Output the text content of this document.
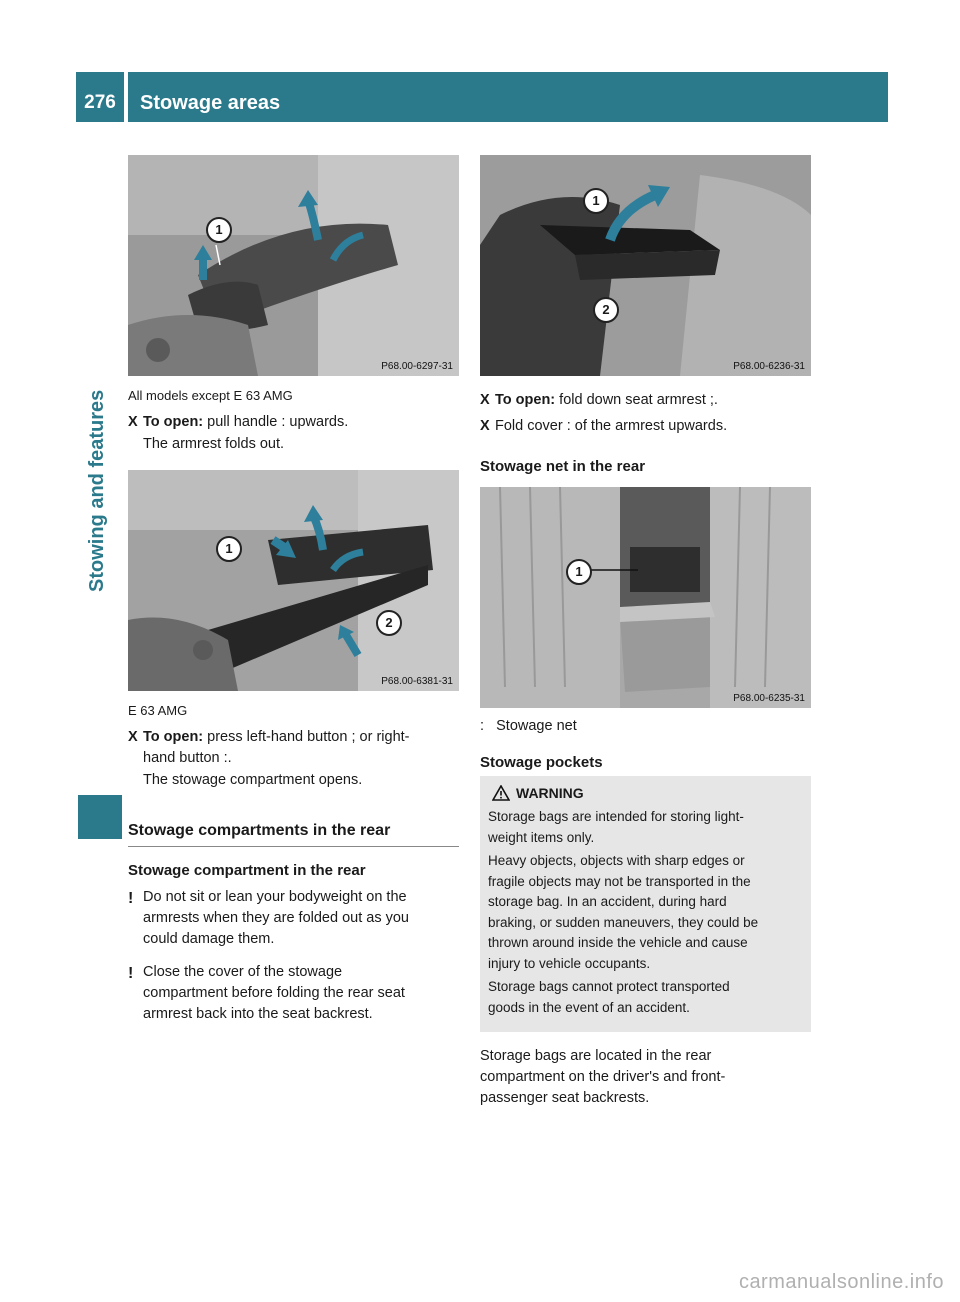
276	Stowage areas
Stowing and features
1
P68.00-6297-31
All models except E 63 AMG
X To open: pull handle : upwards.
The armrest folds out.
1
2
P68.00-6381-31
E 63 AMG
X To open: press left-hand button ; or right-
hand button :.
The stowage compartment opens.
Stowage compartments in the rear
Stowage compartment in the rear
! Do not sit or lean your bodyweight on the
armrests when they are folded out as you
could damage them.
! Close the cover of the stowage
compartment before folding the rear seat
armrest back into the seat backrest.
1
2
P68.00-6236-31
X To open: fold down seat armrest ;.
X Fold cover : of the armrest upwards.
Stowage net in the rear
1
P68.00-6235-31
: Stowage net
Stowage pockets
WARNING

Storage bags are intended for storing light-
weight items only.

Heavy objects, objects with sharp edges or
fragile objects may not be transported in the
storage bag. In an accident, during hard
braking, or sudden maneuvers, they could be
thrown around inside the vehicle and cause
injury to vehicle occupants.

Storage bags cannot protect transported
goods in the event of an accident.

Storage bags are located in the rear
compartment on the driver's and front-
passenger seat backrests.
carmanualsonline.info
